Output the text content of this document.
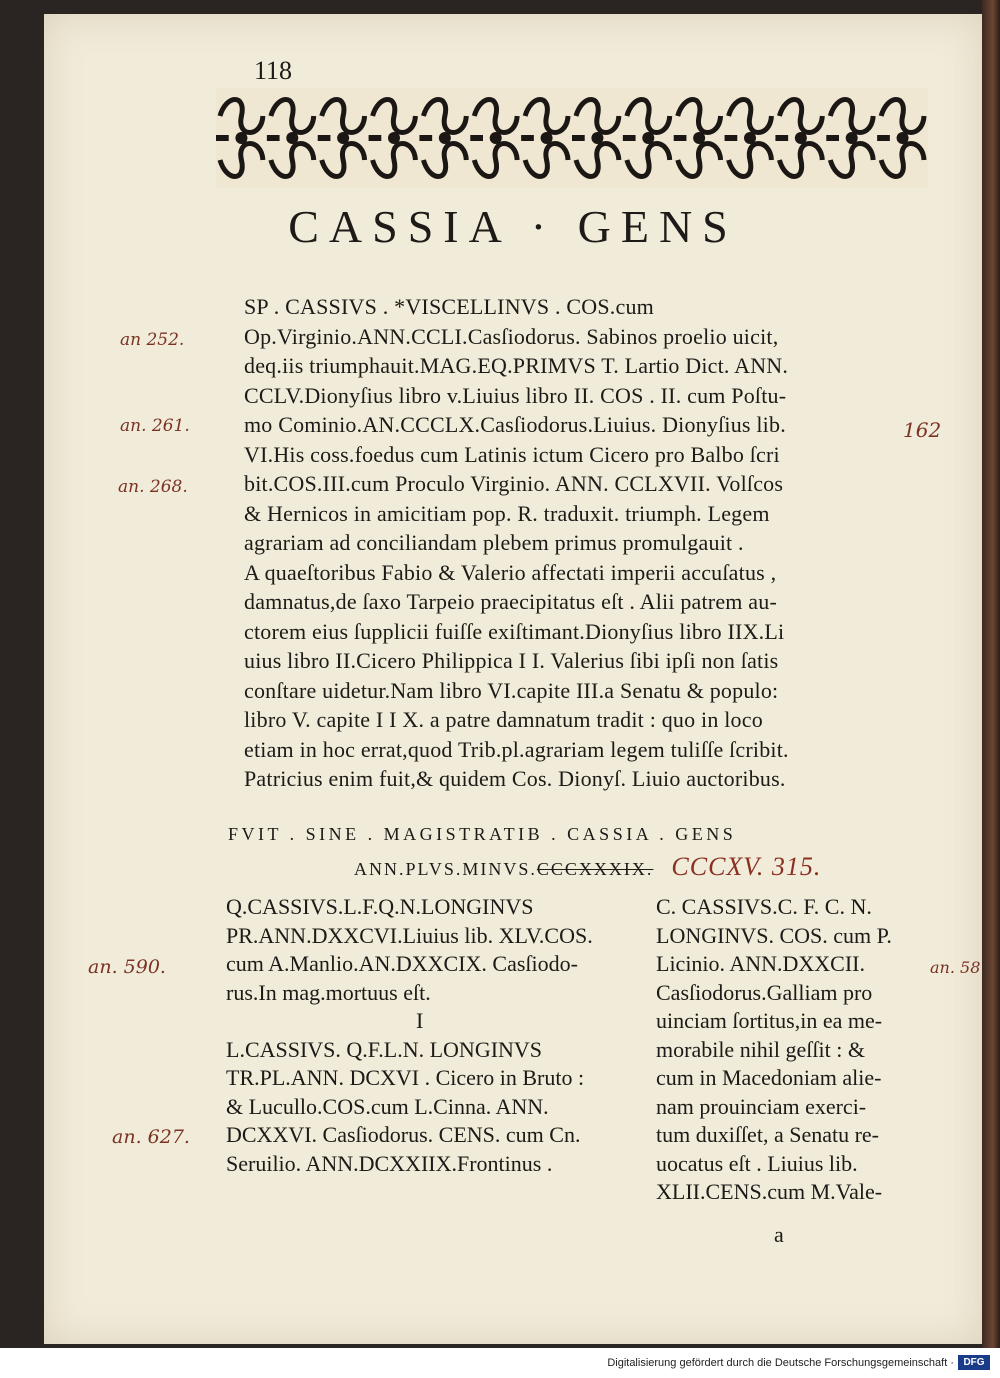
118
CASSIA · GENS
SP . CASSIVS . *VISCELLINVS . COS.cum
Op.Virginio.ANN.CCLI.Casſiodorus. Sabinos proelio uicit,
deq.iis triumphauit.MAG.EQ.PRIMVS T. Lartio Dict. ANN.
CCLV.Dionyſius libro v.Liuius libro II. COS . II. cum Poſtu-
mo Cominio.AN.CCCLX.Casſiodorus.Liuius. Dionyſius lib.
VI.His coss.foedus cum Latinis ictum Cicero pro Balbo ſcri
bit.COS.III.cum Proculo Virginio. ANN. CCLXVII. Volſcos
& Hernicos in amicitiam pop. R. traduxit. triumph. Legem
agrariam ad conciliandam plebem primus promulgauit .
A quaeſtoribus Fabio & Valerio affectati imperii accuſatus ,
damnatus,de ſaxo Tarpeio praecipitatus eſt . Alii patrem au-
ctorem eius ſupplicii fuiſſe exiſtimant.Dionyſius libro IIX.Li
uius libro II.Cicero Philippica I I. Valerius ſibi ipſi non ſatis
conſtare uidetur.Nam libro VI.capite III.a Senatu & populo:
libro V. capite I I X. a patre damnatum tradit : quo in loco
etiam in hoc errat,quod Trib.pl.agrariam legem tuliſſe ſcribit.
Patricius enim fuit,& quidem Cos. Dionyſ. Liuio auctoribus.
FVIT . SINE . MAGISTRATIB . CASSIA . GENS
ANN.PLVS.MINVS.CCCXXXIX. CCCXV. 315.
Q.CASSIVS.L.F.Q.N.LONGINVS
PR.ANN.DXXCVI.Liuius lib. XLV.COS.
cum A.Manlio.AN.DXXCIX. Casſiodo-
rus.In mag.mortuus eſt.
I
L.CASSIVS. Q.F.L.N. LONGINVS
TR.PL.ANN. DCXVI . Cicero in Bruto :
& Lucullo.COS.cum L.Cinna. ANN.
DCXXVI. Casſiodorus. CENS. cum Cn.
Seruilio. ANN.DCXXIIX.Frontinus .
C. CASSIVS.C. F. C. N.
LONGINVS. COS. cum P.
Licinio. ANN.DXXCII.
Casſiodorus.Galliam pro
uinciam ſortitus,in ea me-
morabile nihil geſſit : &
cum in Macedoniam alie-
nam prouinciam exerci-
tum duxiſſet, a Senatu re-
uocatus eſt . Liuius lib.
XLII.CENS.cum M.Vale-
a
an 252.
an. 261.
an. 268.
an. 590.
an. 627.
an. 58
162
Digitalisierung gefördert durch die Deutsche Forschungsgemeinschaft · DFG
